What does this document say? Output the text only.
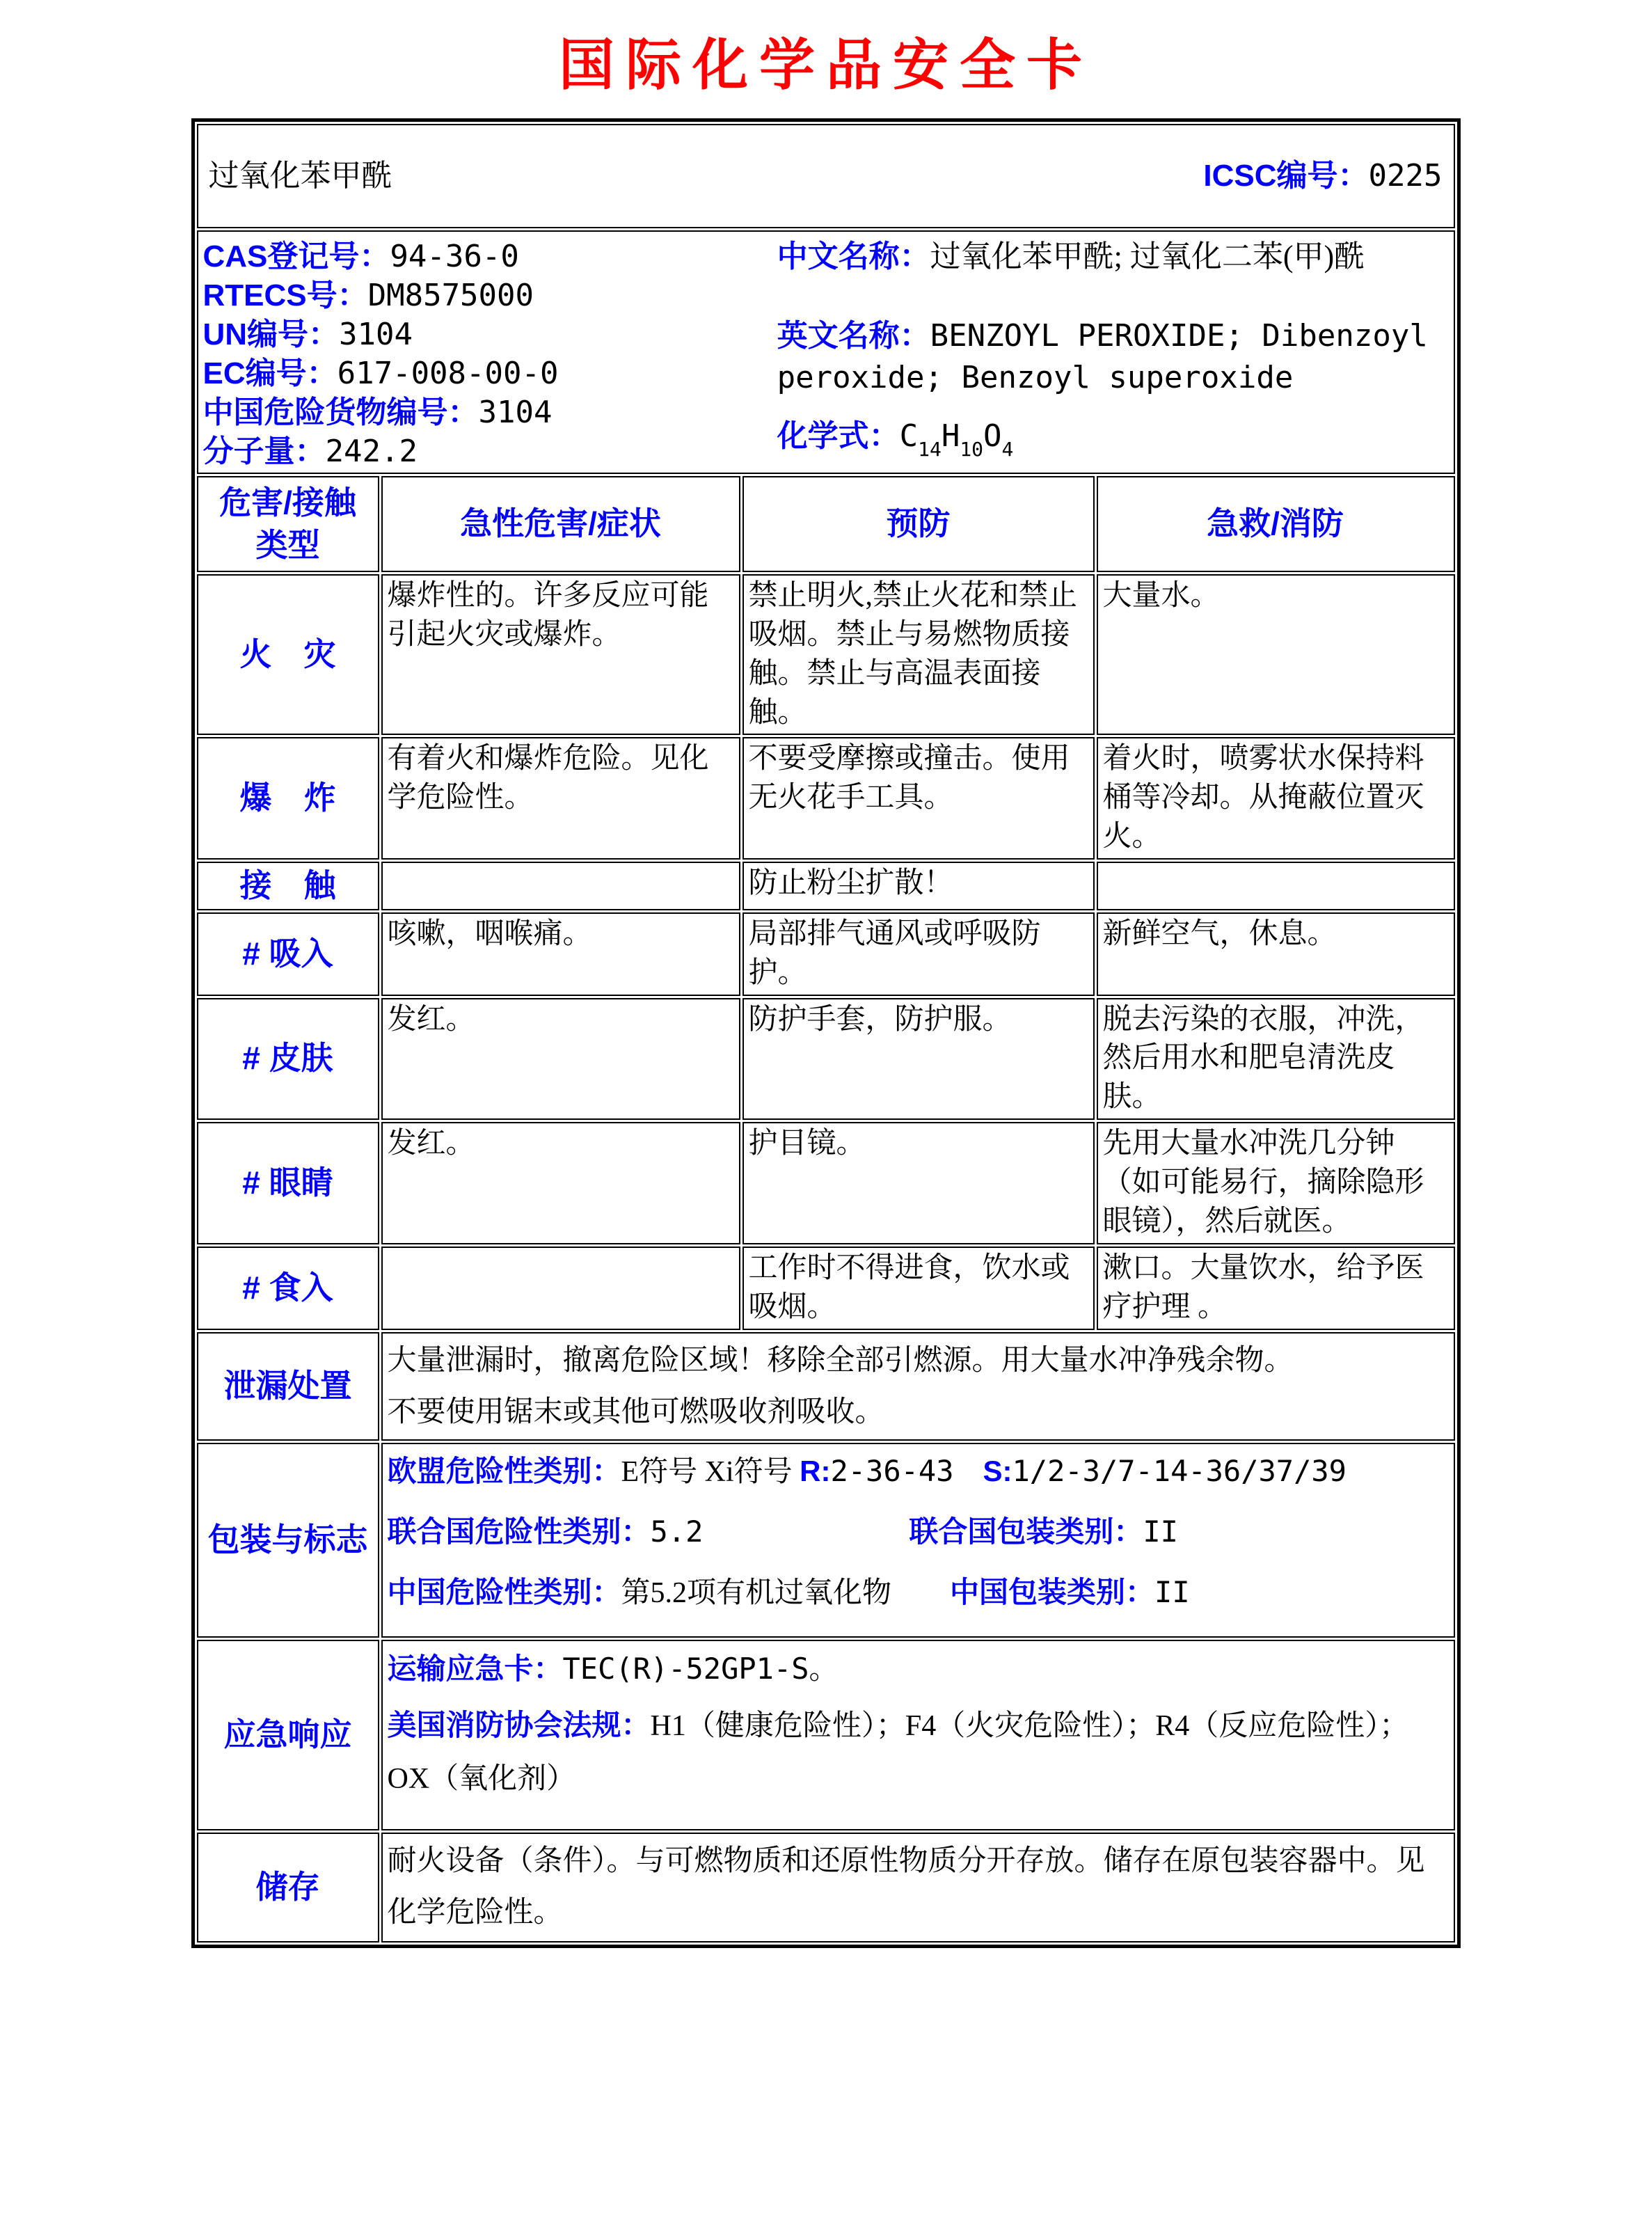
国际化学品安全卡
过氧化苯甲酰 ICSC编号：0225			

CAS登记号：94-36-0
RTECS号：DM8575000
UN编号：3104
EC编号：617-008-00-0
中国危险货物编号：3104
分子量：242.2
中文名称：过氧化苯甲酰; 过氧化二苯(甲)酰
英文名称：BENZOYL PEROXIDE; Dibenzoyl peroxide; Benzoyl superoxide
化学式：$C_{14}H_{10}O_4$

危害/接触
类型	急性危害/症状	预防	急救/消防
火　灾	爆炸性的。许多反应可能引起火灾或爆炸。	禁止明火,禁止火花和禁止吸烟。禁止与易燃物质接触。禁止与高温表面接触。	大量水。
爆　炸	有着火和爆炸危险。见化学危险性。	不要受摩擦或撞击。使用无火花手工具。	着火时，喷雾状水保持料桶等冷却。从掩蔽位置灭火。
接　触		防止粉尘扩散！	
# 吸入	咳嗽，咽喉痛。	局部排气通风或呼吸防护。	新鲜空气，休息。
# 皮肤	发红。	防护手套，防护服。	脱去污染的衣服，冲洗，然后用水和肥皂清洗皮肤。
# 眼睛	发红。	护目镜。	先用大量水冲洗几分钟（如可能易行，摘除隐形眼镜），然后就医。
# 食入		工作时不得进食，饮水或吸烟。	漱口。大量饮水，给予医疗护理 。
泄漏处置	大量泄漏时，撤离危险区域！移除全部引燃源。用大量水冲净残余物。
不要使用锯末或其他可燃吸收剂吸收。		

包装与标志	欧盟危险性类别：E符号 Xi符号 R:2-36-43 S:1/2-3/7-14-36/37/39
联合国危险性类别：5.2 联合国包装类别：II
中国危险性类别：第5.2项有机过氧化物 中国包装类别：II		

应急响应	运输应急卡：TEC(R)-52GP1-S。
美国消防协会法规：H1（健康危险性）；F4（火灾危险性）；R4（反应危险性）；OX（氧化剂）		

储存	耐火设备（条件）。与可燃物质和还原性物质分开存放。储存在原包装容器中。见化学危险性。		
